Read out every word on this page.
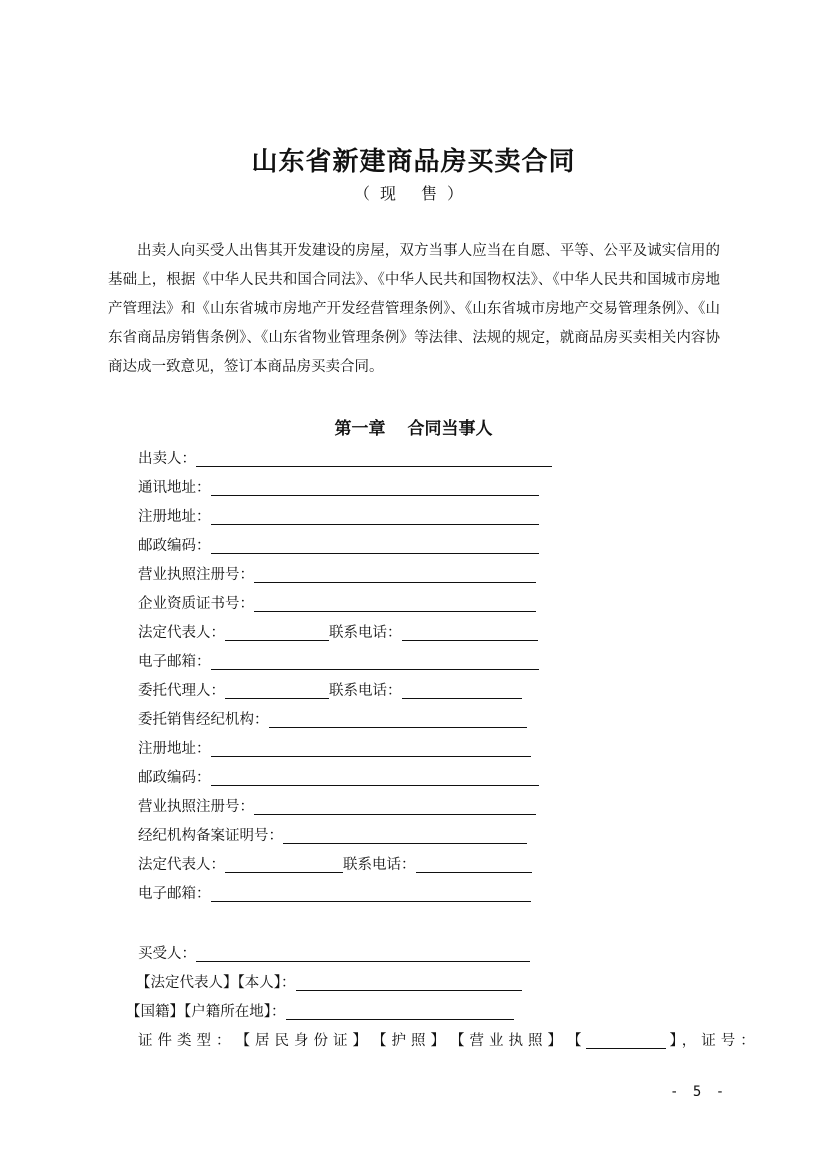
山东省新建商品房买卖合同
（现 售）

出卖人向买受人出售其开发建设的房屋，双方当事人应当在自愿、平等、公平及诚实信用的基础上，根据《中华人民共和国合同法》、《中华人民共和国物权法》、《中华人民共和国城市房地产管理法》和《山东省城市房地产开发经营管理条例》、《山东省城市房地产交易管理条例》、《山东省商品房销售条例》、《山东省物业管理条例》等法律、法规的规定，就商品房买卖相关内容协商达成一致意见，签订本商品房买卖合同。

第一章 合同当事人
出卖人：
通讯地址：
注册地址：
邮政编码：
营业执照注册号：
企业资质证书号：
法定代表人：	联系电话：
电子邮箱：
委托代理人：	联系电话：
委托销售经纪机构：
注册地址：
邮政编码：
营业执照注册号：
经纪机构备案证明号：
法定代表人：	联系电话：
电子邮箱：
买受人：
【法定代表人】【本人】：
【国籍】【户籍所在地】：
证件类型： 【居民身份证】 【护照】 【营业执照】 【	】， 证号：
- 5 -
